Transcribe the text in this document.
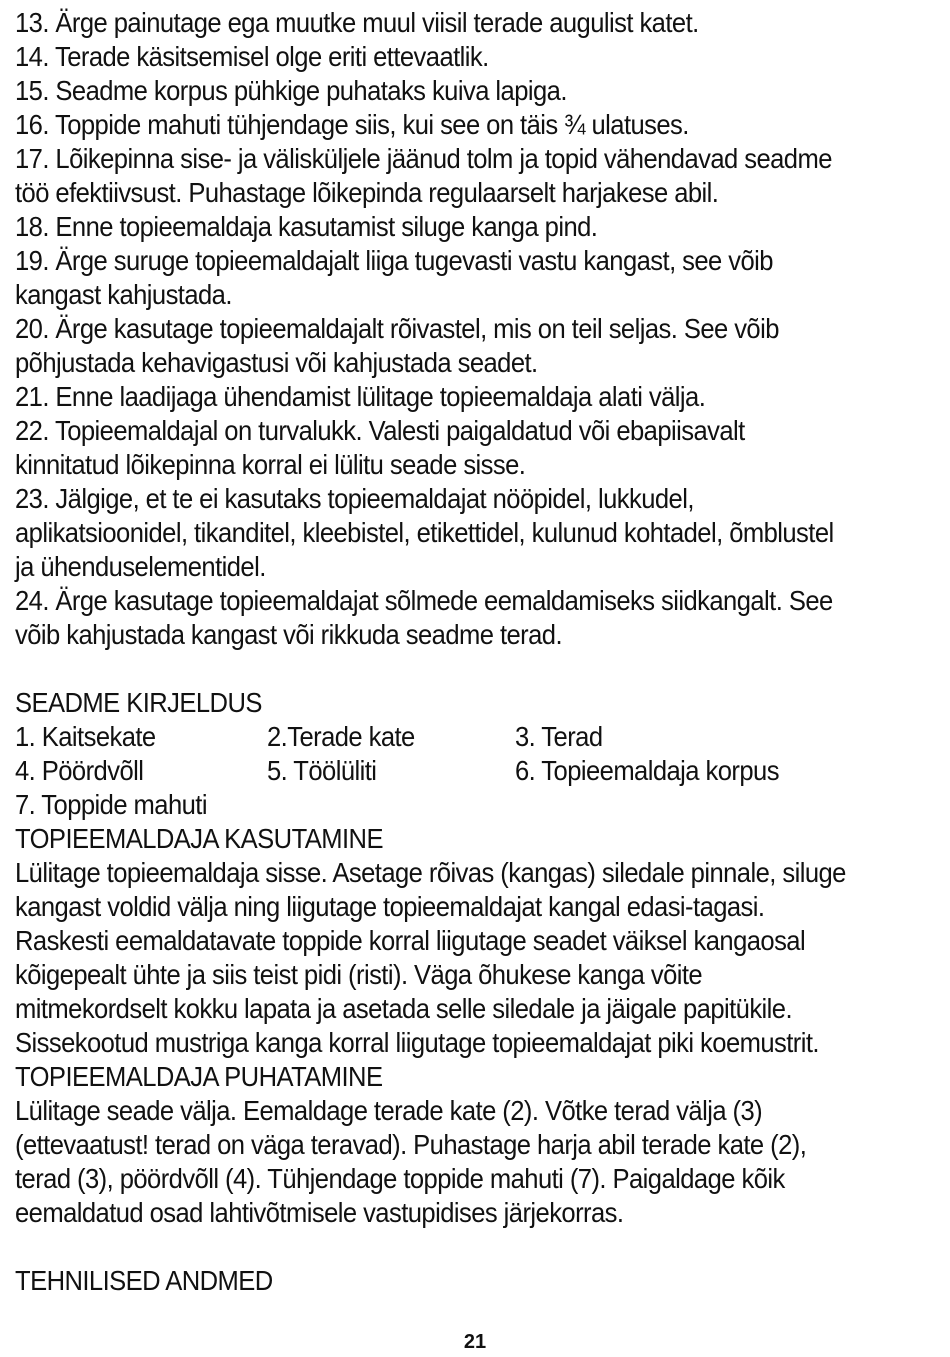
13. Ärge painutage ega muutke muul viisil terade augulist katet.
14. Terade käsitsemisel olge eriti ettevaatlik.
15. Seadme korpus pühkige puhataks kuiva lapiga.
16. Toppide mahuti tühjendage siis, kui see on täis ¾ ulatuses.
17. Lõikepinna sise- ja välisküljele jäänud tolm ja topid vähendavad seadme
töö efektiivsust. Puhastage lõikepinda regulaarselt harjakese abil.
18. Enne topieemaldaja kasutamist siluge kanga pind.
19. Ärge suruge topieemaldajalt liiga tugevasti vastu kangast, see võib
kangast kahjustada.
20. Ärge kasutage topieemaldajalt rõivastel, mis on teil seljas. See võib
põhjustada kehavigastusi või kahjustada seadet.
21. Enne laadijaga ühendamist lülitage topieemaldaja alati välja.
22. Topieemaldajal on turvalukk. Valesti paigaldatud või ebapiisavalt
kinnitatud lõikepinna korral ei lülitu seade sisse.
23. Jälgige, et te ei kasutaks topieemaldajat nööpidel, lukkudel,
aplikatsioonidel, tikanditel, kleebistel, etikettidel, kulunud kohtadel, õmblustel
ja ühenduselementidel.
24. Ärge kasutage topieemaldajat sõlmede eemaldamiseks siidkangalt. See
võib kahjustada kangast või rikkuda seadme terad.
SEADME KIRJELDUS
1. Kaitsekate	2.Terade kate	3. Terad
4. Pöördvõll	5. Töölüliti	6. Topieemaldaja korpus
7. Toppide mahuti
TOPIEEMALDAJA KASUTAMINE
Lülitage topieemaldaja sisse. Asetage rõivas (kangas) siledale pinnale, siluge
kangast voldid välja ning liigutage topieemaldajat kangal edasi-tagasi.
Raskesti eemaldatavate toppide korral liigutage seadet väiksel kangaosal
kõigepealt ühte ja siis teist pidi (risti). Väga õhukese kanga võite
mitmekordselt kokku lapata ja asetada selle siledale ja jäigale papitükile.
Sissekootud mustriga kanga korral liigutage topieemaldajat piki koemustrit.
TOPIEEMALDAJA PUHATAMINE
Lülitage seade välja. Eemaldage terade kate (2). Võtke terad välja (3)
(ettevaatust! terad on väga teravad). Puhastage harja abil terade kate (2),
terad (3), pöördvõll (4). Tühjendage toppide mahuti (7). Paigaldage kõik
eemaldatud osad lahtivõtmisele vastupidises järjekorras.
TEHNILISED ANDMED
21
